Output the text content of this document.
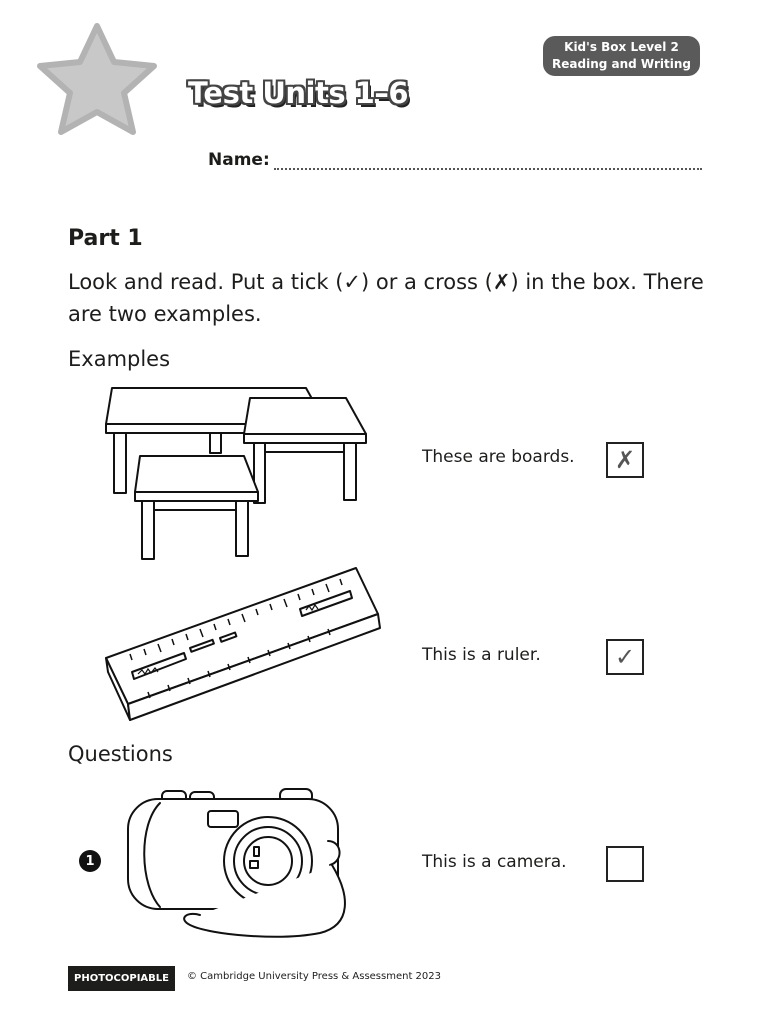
Kid's Box Level 2
Reading and Writing
Test Units 1–6
Name:
Part 1
Look and read. Put a tick (✓) or a cross (✗) in the box. There are two examples.
Examples
These are boards. ✗
This is a ruler.	✓
Questions
1	This is a camera.
PHOTOCOPIABLE	© Cambridge University Press & Assessment 2023
